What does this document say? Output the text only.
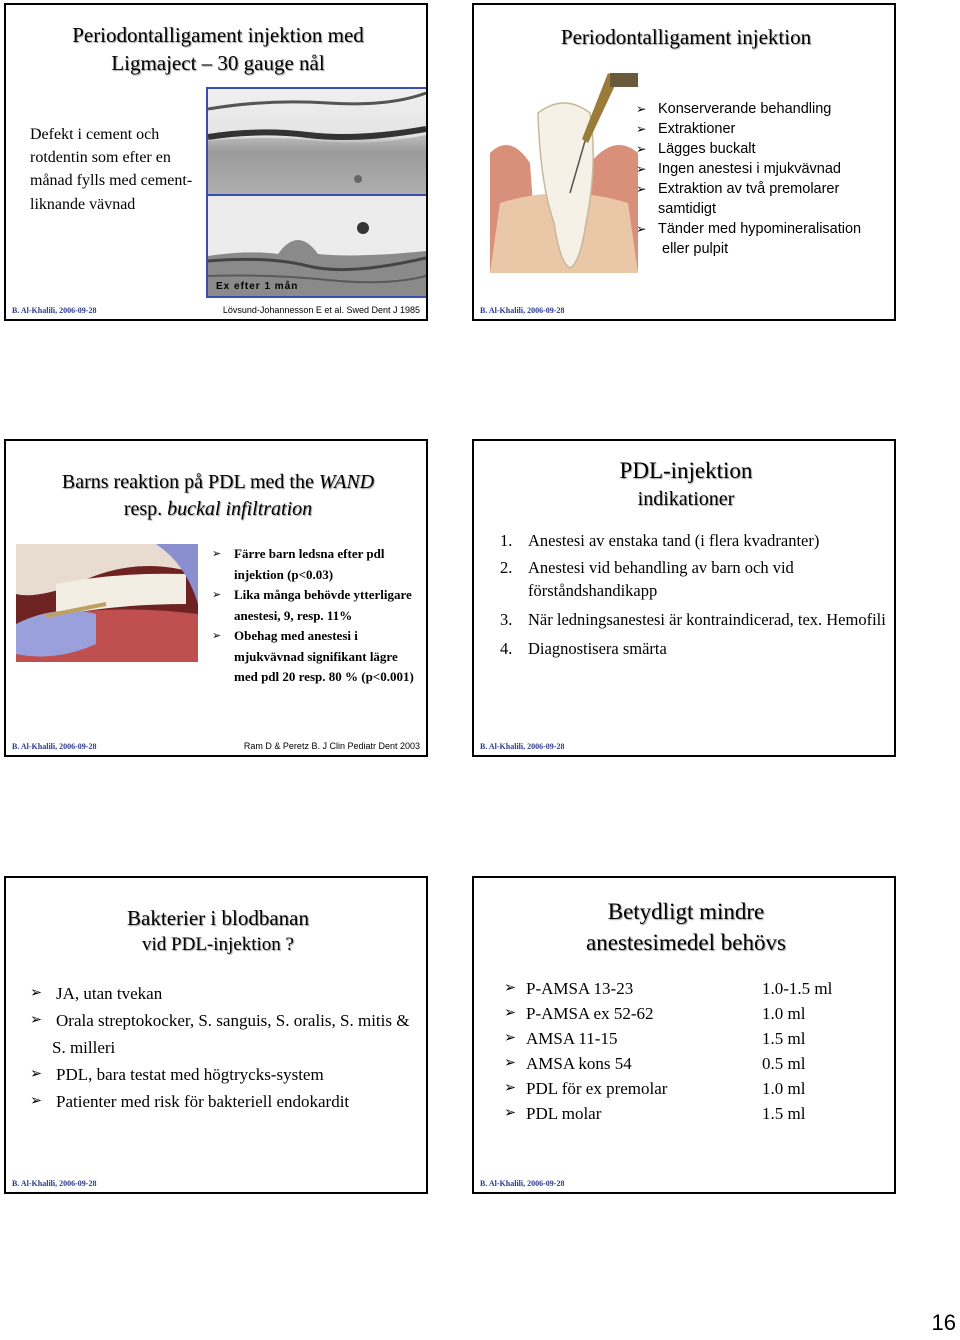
Periodontalligament injektion med
Ligmaject – 30 gauge nål
Defekt i cement och rotdentin som efter en månad fylls med cement-liknande vävnad
Ex efter 1 mån
B. Al-Khalili, 2006-09-28	Lövsund-Johannesson E et al. Swed Dent J 1985
Periodontalligament injektion
➢ Konserverande behandling
➢ Extraktioner
➢ Lägges buckalt
➢ Ingen anestesi i mjukvävnad
➢ Extraktion av två premolarer
samtidigt
➢ Tänder med hypomineralisation
eller pulpit
B. Al-Khalili, 2006-09-28
Barns reaktion på PDL med the WAND
resp. buckal infiltration
➢ Färre barn ledsna efter pdl injektion (p<0.03)
➢ Lika många behövde ytterligare anestesi, 9, resp. 11%
➢ Obehag med anestesi i mjukvävnad signifikant lägre med pdl 20 resp. 80 % (p<0.001)
B. Al-Khalili, 2006-09-28	Ram D & Peretz B. J Clin Pediatr Dent 2003
PDL-injektion
indikationer
1. Anestesi av enstaka tand (i flera kvadranter)
2. Anestesi vid behandling av barn och vid förståndshandikapp
3. När ledningsanestesi är kontraindicerad, tex. Hemofili
4. Diagnostisera smärta
B. Al-Khalili, 2006-09-28
Bakterier i blodbanan
vid PDL-injektion ?
➢ JA, utan tvekan
➢ Orala streptokocker, S. sanguis, S. oralis, S. mitis & S. milleri
➢ PDL, bara testat med högtrycks-system
➢ Patienter med risk för bakteriell endokardit
B. Al-Khalili, 2006-09-28
Betydligt mindre
anestesimedel behövs
➢ P-AMSA 13-23	1.0-1.5 ml
➢ P-AMSA ex 52-62	1.0 ml
➢ AMSA 11-15	1.5 ml
➢ AMSA kons 54	0.5 ml
➢ PDL för ex premolar	1.0 ml
➢ PDL molar	1.5 ml
B. Al-Khalili, 2006-09-28
16
